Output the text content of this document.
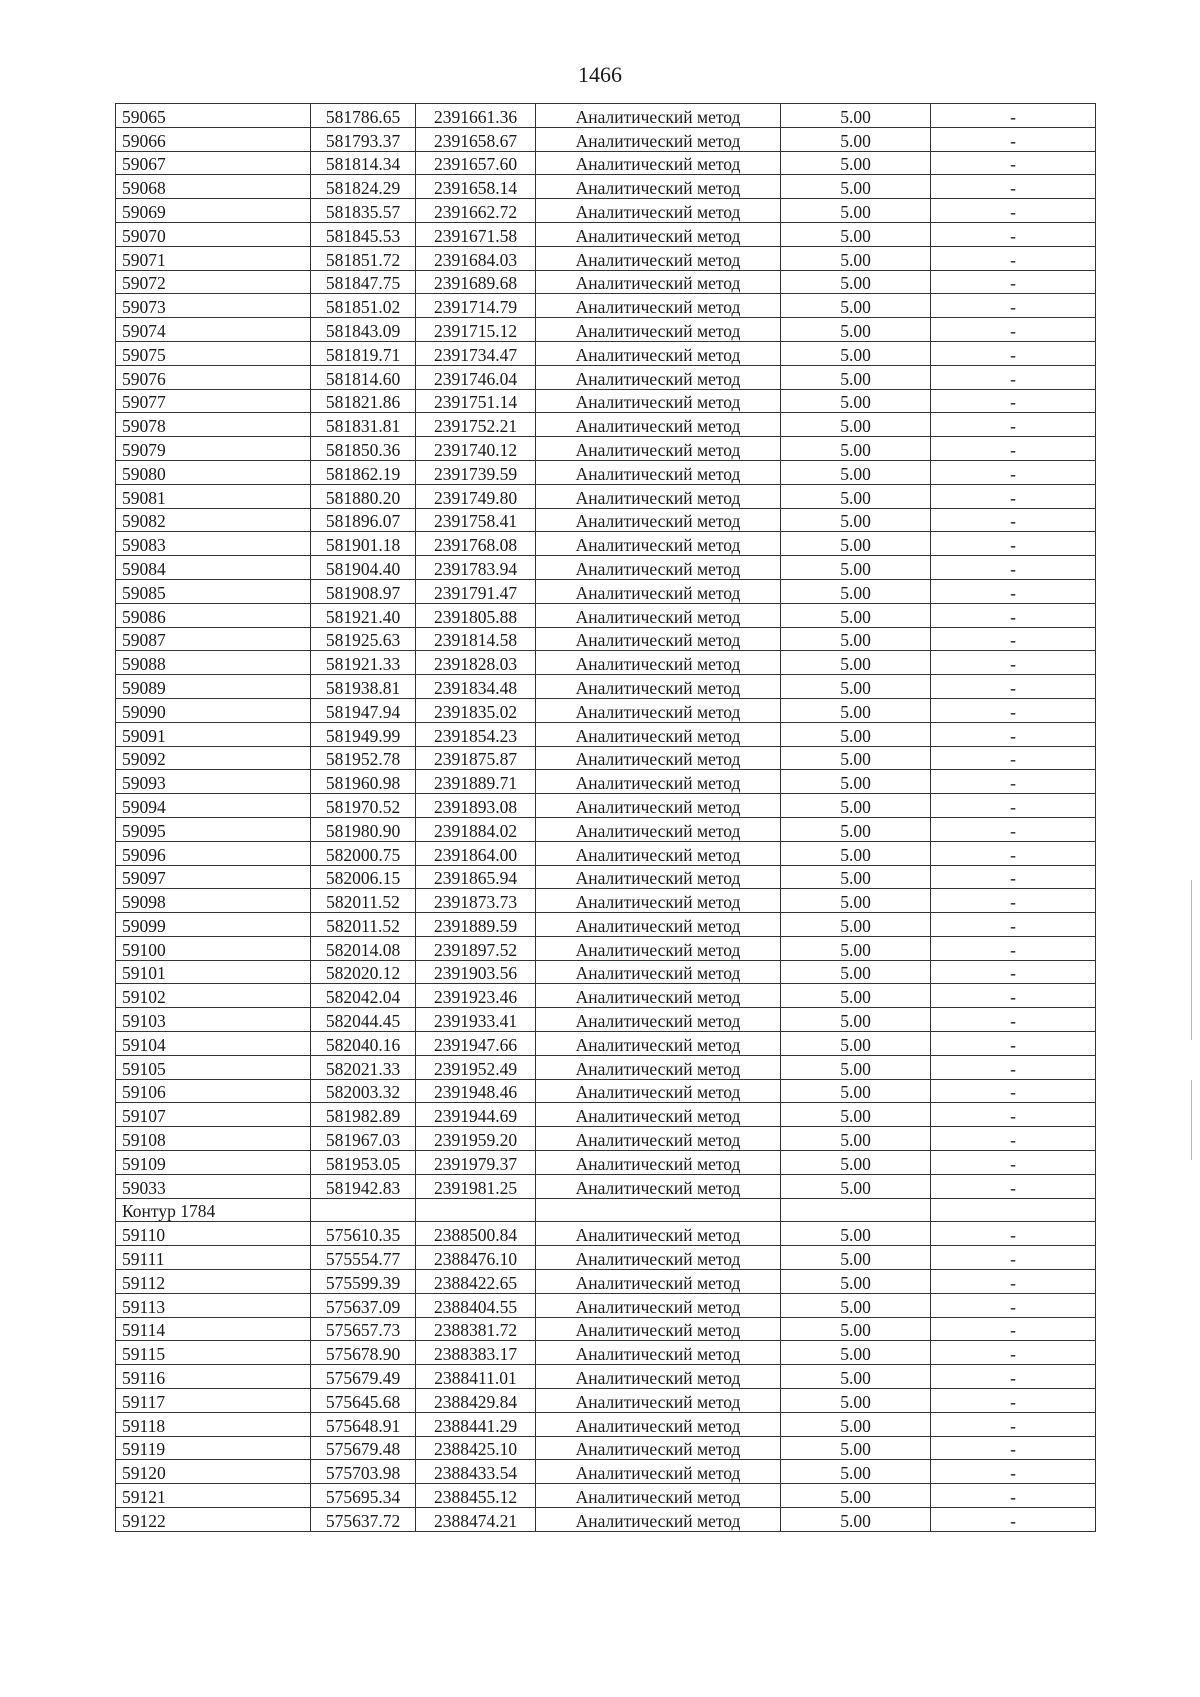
1466
59065	581786.65	2391661.36	Аналитический метод	5.00	-
59066	581793.37	2391658.67	Аналитический метод	5.00	-
59067	581814.34	2391657.60	Аналитический метод	5.00	-
59068	581824.29	2391658.14	Аналитический метод	5.00	-
59069	581835.57	2391662.72	Аналитический метод	5.00	-
59070	581845.53	2391671.58	Аналитический метод	5.00	-
59071	581851.72	2391684.03	Аналитический метод	5.00	-
59072	581847.75	2391689.68	Аналитический метод	5.00	-
59073	581851.02	2391714.79	Аналитический метод	5.00	-
59074	581843.09	2391715.12	Аналитический метод	5.00	-
59075	581819.71	2391734.47	Аналитический метод	5.00	-
59076	581814.60	2391746.04	Аналитический метод	5.00	-
59077	581821.86	2391751.14	Аналитический метод	5.00	-
59078	581831.81	2391752.21	Аналитический метод	5.00	-
59079	581850.36	2391740.12	Аналитический метод	5.00	-
59080	581862.19	2391739.59	Аналитический метод	5.00	-
59081	581880.20	2391749.80	Аналитический метод	5.00	-
59082	581896.07	2391758.41	Аналитический метод	5.00	-
59083	581901.18	2391768.08	Аналитический метод	5.00	-
59084	581904.40	2391783.94	Аналитический метод	5.00	-
59085	581908.97	2391791.47	Аналитический метод	5.00	-
59086	581921.40	2391805.88	Аналитический метод	5.00	-
59087	581925.63	2391814.58	Аналитический метод	5.00	-
59088	581921.33	2391828.03	Аналитический метод	5.00	-
59089	581938.81	2391834.48	Аналитический метод	5.00	-
59090	581947.94	2391835.02	Аналитический метод	5.00	-
59091	581949.99	2391854.23	Аналитический метод	5.00	-
59092	581952.78	2391875.87	Аналитический метод	5.00	-
59093	581960.98	2391889.71	Аналитический метод	5.00	-
59094	581970.52	2391893.08	Аналитический метод	5.00	-
59095	581980.90	2391884.02	Аналитический метод	5.00	-
59096	582000.75	2391864.00	Аналитический метод	5.00	-
59097	582006.15	2391865.94	Аналитический метод	5.00	-
59098	582011.52	2391873.73	Аналитический метод	5.00	-
59099	582011.52	2391889.59	Аналитический метод	5.00	-
59100	582014.08	2391897.52	Аналитический метод	5.00	-
59101	582020.12	2391903.56	Аналитический метод	5.00	-
59102	582042.04	2391923.46	Аналитический метод	5.00	-
59103	582044.45	2391933.41	Аналитический метод	5.00	-
59104	582040.16	2391947.66	Аналитический метод	5.00	-
59105	582021.33	2391952.49	Аналитический метод	5.00	-
59106	582003.32	2391948.46	Аналитический метод	5.00	-
59107	581982.89	2391944.69	Аналитический метод	5.00	-
59108	581967.03	2391959.20	Аналитический метод	5.00	-
59109	581953.05	2391979.37	Аналитический метод	5.00	-
59033	581942.83	2391981.25	Аналитический метод	5.00	-
Контур 1784					
59110	575610.35	2388500.84	Аналитический метод	5.00	-
59111	575554.77	2388476.10	Аналитический метод	5.00	-
59112	575599.39	2388422.65	Аналитический метод	5.00	-
59113	575637.09	2388404.55	Аналитический метод	5.00	-
59114	575657.73	2388381.72	Аналитический метод	5.00	-
59115	575678.90	2388383.17	Аналитический метод	5.00	-
59116	575679.49	2388411.01	Аналитический метод	5.00	-
59117	575645.68	2388429.84	Аналитический метод	5.00	-
59118	575648.91	2388441.29	Аналитический метод	5.00	-
59119	575679.48	2388425.10	Аналитический метод	5.00	-
59120	575703.98	2388433.54	Аналитический метод	5.00	-
59121	575695.34	2388455.12	Аналитический метод	5.00	-
59122	575637.72	2388474.21	Аналитический метод	5.00	-
